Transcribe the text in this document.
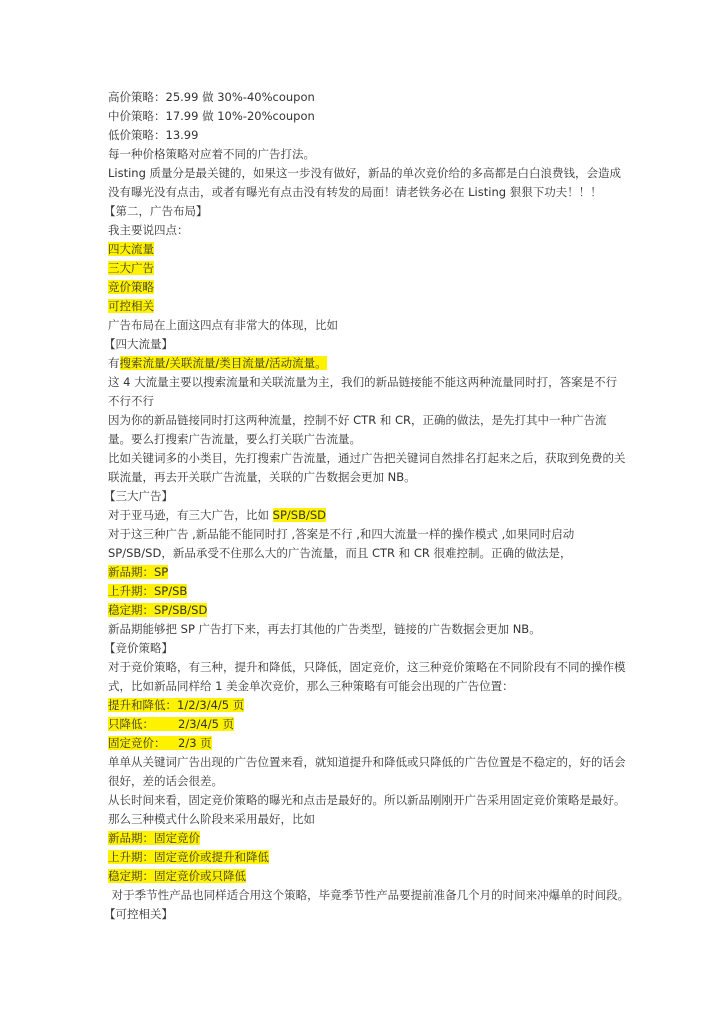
高价策略：25.99 做 30%-40%coupon
中价策略：17.99 做 10%-20%coupon
低价策略：13.99
每一种价格策略对应着不同的广告打法。
Listing 质量分是最关键的，如果这一步没有做好，新品的单次竞价给的多高都是白白浪费钱，会造成没有曝光没有点击，或者有曝光有点击没有转发的局面！请老铁务必在 Listing 狠狠下功夫！！！
【第二，广告布局】
我主要说四点：
四大流量
三大广告
竞价策略
可控相关
广告布局在上面这四点有非常大的体现，比如
【四大流量】
有搜索流量/关联流量/类目流量/活动流量。
这 4 大流量主要以搜索流量和关联流量为主，我们的新品链接能不能这两种流量同时打，答案是不行 不行不行
因为你的新品链接同时打这两种流量，控制不好 CTR 和 CR，正确的做法，是先打其中一种广告流量。要么打搜索广告流量，要么打关联广告流量。
比如关键词多的小类目，先打搜索广告流量，通过广告把关键词自然排名打起来之后，获取到免费的关联流量，再去开关联广告流量，关联的广告数据会更加 NB。
【三大广告】
对于亚马逊，有三大广告，比如 SP/SB/SD
对于这三种广告 ,新品能不能同时打 ,答案是不行 ,和四大流量一样的操作模式 ,如果同时启动 SP/SB/SD，新品承受不住那么大的广告流量，而且 CTR 和 CR 很难控制。正确的做法是，
新品期：SP
上升期：SP/SB
稳定期：SP/SB/SD
新品期能够把 SP 广告打下来，再去打其他的广告类型，链接的广告数据会更加 NB。
【竞价策略】
对于竞价策略，有三种，提升和降低，只降低，固定竞价，这三种竞价策略在不同阶段有不同的操作模式，比如新品同样给 1 美金单次竞价，那么三种策略有可能会出现的广告位置：
提升和降低：1/2/3/4/5 页
只降低： 2/3/4/5 页
固定竞价： 2/3 页
单单从关键词广告出现的广告位置来看，就知道提升和降低或只降低的广告位置是不稳定的，好的话会很好，差的话会很差。
从长时间来看，固定竞价策略的曝光和点击是最好的。所以新品刚刚开广告采用固定竞价策略是最好。
那么三种模式什么阶段来采用最好，比如
新品期：固定竞价
上升期：固定竞价或提升和降低
稳定期：固定竞价或只降低
对于季节性产品也同样适合用这个策略，毕竟季节性产品要提前准备几个月的时间来冲爆单的时间段。
【可控相关】
